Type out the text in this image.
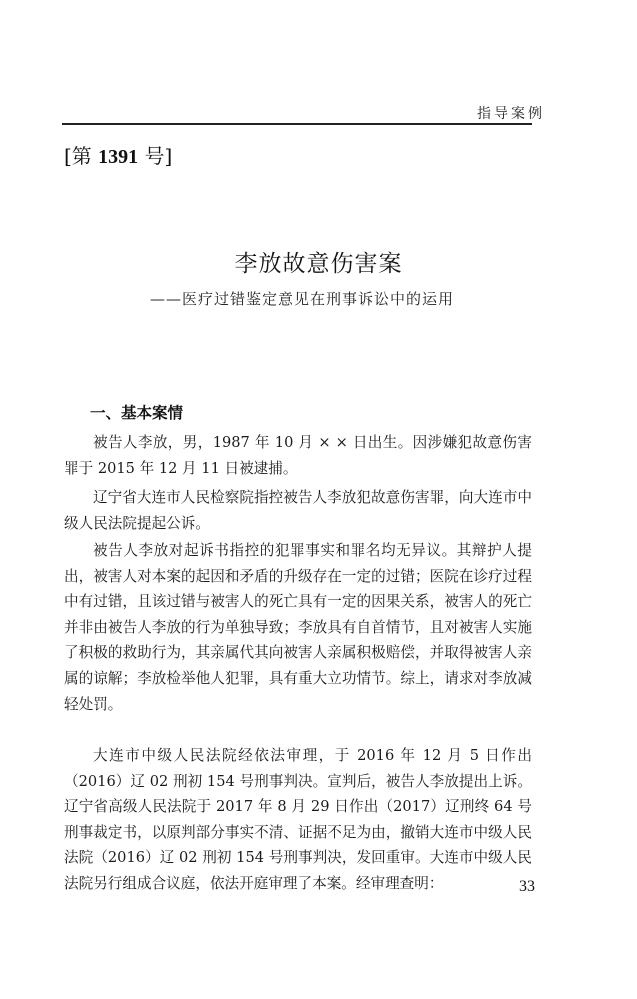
指导案例
[第 1391 号]
李放故意伤害案
——医疗过错鉴定意见在刑事诉讼中的运用
一、基本案情

被告人李放，男，1987 年 10 月 × × 日出生。因涉嫌犯故意伤害罪于 2015 年 12 月 11 日被逮捕。

辽宁省大连市人民检察院指控被告人李放犯故意伤害罪，向大连市中级人民法院提起公诉。

被告人李放对起诉书指控的犯罪事实和罪名均无异议。其辩护人提出，被害人对本案的起因和矛盾的升级存在一定的过错；医院在诊疗过程中有过错，且该过错与被害人的死亡具有一定的因果关系，被害人的死亡并非由被告人李放的行为单独导致；李放具有自首情节，且对被害人实施了积极的救助行为，其亲属代其向被害人亲属积极赔偿，并取得被害人亲属的谅解；李放检举他人犯罪，具有重大立功情节。综上，请求对李放减轻处罚。

大连市中级人民法院经依法审理，于 2016 年 12 月 5 日作出（2016）辽 02 刑初 154 号刑事判决。宣判后，被告人李放提出上诉。辽宁省高级人民法院于 2017 年 8 月 29 日作出（2017）辽刑终 64 号刑事裁定书，以原判部分事实不清、证据不足为由，撤销大连市中级人民法院（2016）辽 02 刑初 154 号刑事判决，发回重审。大连市中级人民法院另行组成合议庭，依法开庭审理了本案。经审理查明：	33
